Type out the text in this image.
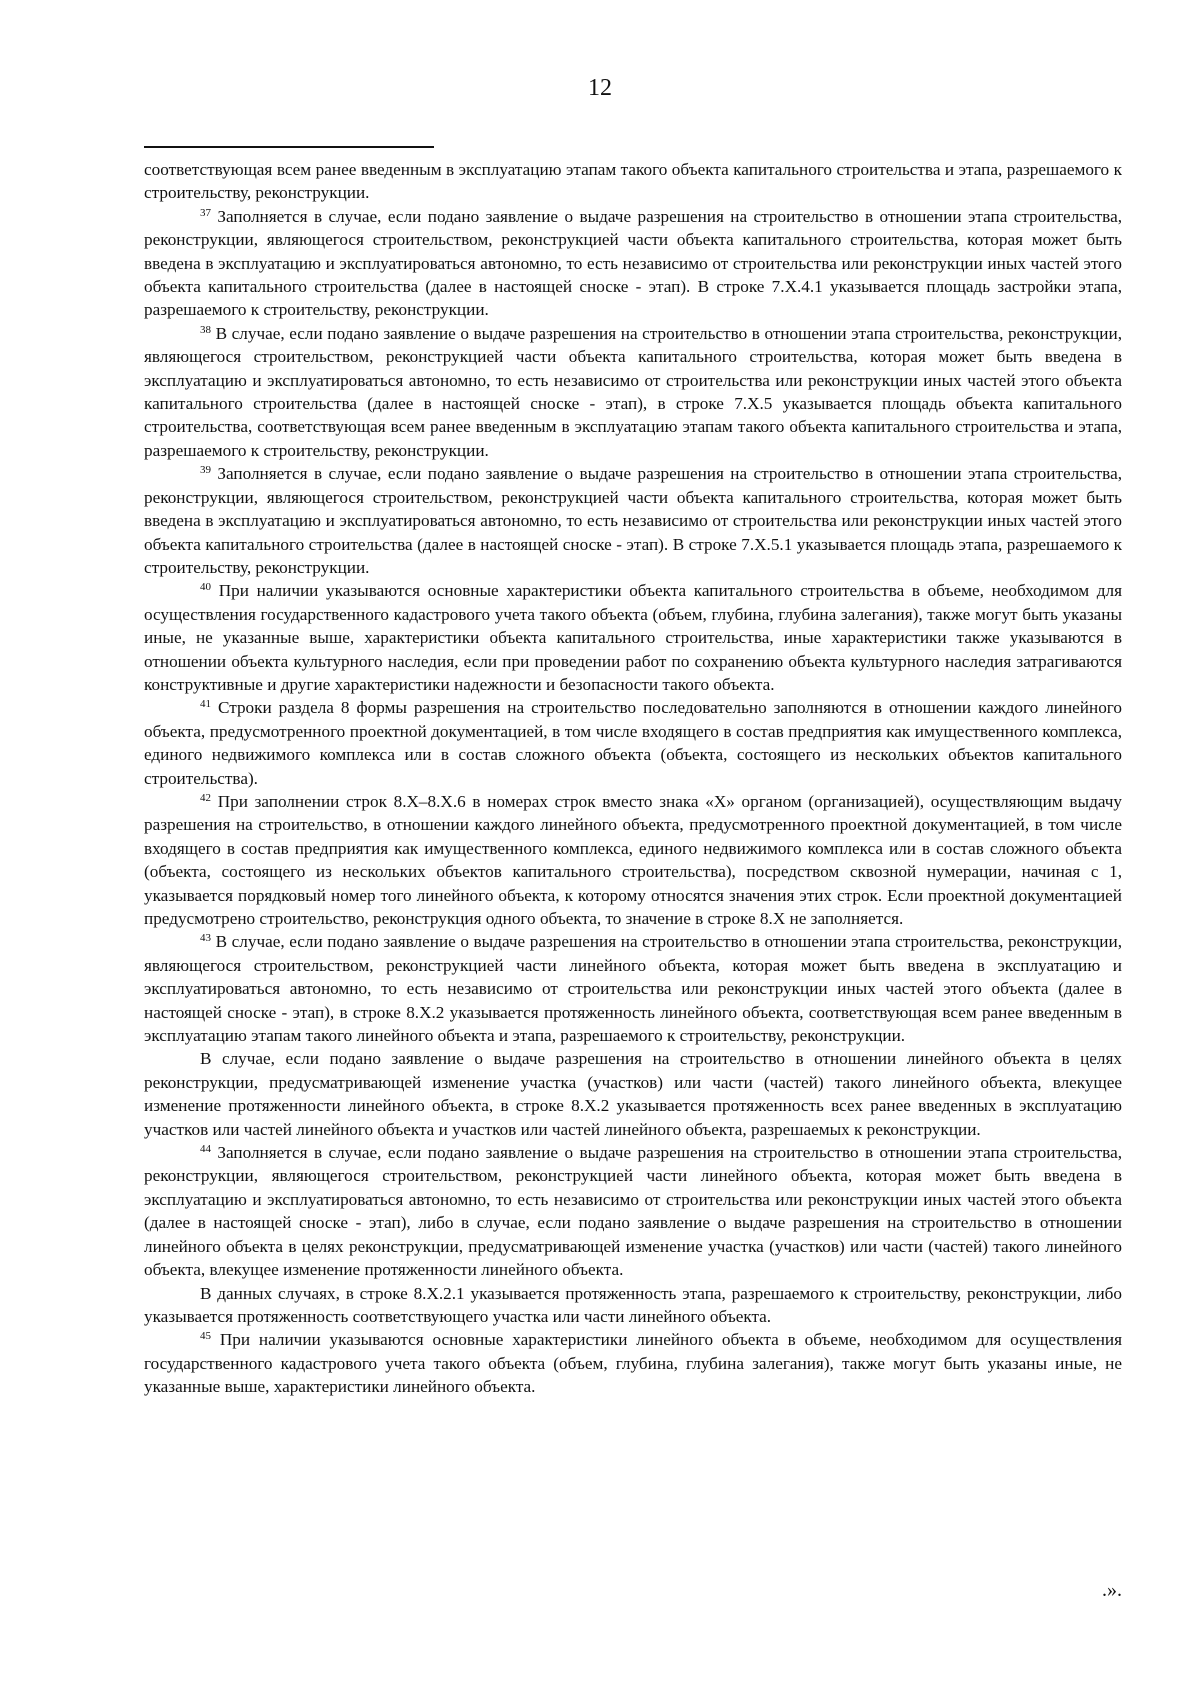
12

соответствующая всем ранее введенным в эксплуатацию этапам такого объекта капитального строительства и этапа, разрешаемого к строительству, реконструкции.

$^{37}$ Заполняется в случае, если подано заявление о выдаче разрешения на строительство в отношении этапа строительства, реконструкции, являющегося строительством, реконструкцией части объекта капитального строительства, которая может быть введена в эксплуатацию и эксплуатироваться автономно, то есть независимо от строительства или реконструкции иных частей этого объекта капитального строительства (далее в настоящей сноске - этап). В строке 7.X.4.1 указывается площадь застройки этапа, разрешаемого к строительству, реконструкции.

$^{38}$ В случае, если подано заявление о выдаче разрешения на строительство в отношении этапа строительства, реконструкции, являющегося строительством, реконструкцией части объекта капитального строительства, которая может быть введена в эксплуатацию и эксплуатироваться автономно, то есть независимо от строительства или реконструкции иных частей этого объекта капитального строительства (далее в настоящей сноске - этап), в строке 7.X.5 указывается площадь объекта капитального строительства, соответствующая всем ранее введенным в эксплуатацию этапам такого объекта капитального строительства и этапа, разрешаемого к строительству, реконструкции.

$^{39}$ Заполняется в случае, если подано заявление о выдаче разрешения на строительство в отношении этапа строительства, реконструкции, являющегося строительством, реконструкцией части объекта капитального строительства, которая может быть введена в эксплуатацию и эксплуатироваться автономно, то есть независимо от строительства или реконструкции иных частей этого объекта капитального строительства (далее в настоящей сноске - этап). В строке 7.X.5.1 указывается площадь этапа, разрешаемого к строительству, реконструкции.

$^{40}$ При наличии указываются основные характеристики объекта капитального строительства в объеме, необходимом для осуществления государственного кадастрового учета такого объекта (объем, глубина, глубина залегания), также могут быть указаны иные, не указанные выше, характеристики объекта капитального строительства, иные характеристики также указываются в отношении объекта культурного наследия, если при проведении работ по сохранению объекта культурного наследия затрагиваются конструктивные и другие характеристики надежности и безопасности такого объекта.

$^{41}$ Строки раздела 8 формы разрешения на строительство последовательно заполняются в отношении каждого линейного объекта, предусмотренного проектной документацией, в том числе входящего в состав предприятия как имущественного комплекса, единого недвижимого комплекса или в состав сложного объекта (объекта, состоящего из нескольких объектов капитального строительства).

$^{42}$ При заполнении строк 8.X–8.X.6 в номерах строк вместо знака «X» органом (организацией), осуществляющим выдачу разрешения на строительство, в отношении каждого линейного объекта, предусмотренного проектной документацией, в том числе входящего в состав предприятия как имущественного комплекса, единого недвижимого комплекса или в состав сложного объекта (объекта, состоящего из нескольких объектов капитального строительства), посредством сквозной нумерации, начиная с 1, указывается порядковый номер того линейного объекта, к которому относятся значения этих строк. Если проектной документацией предусмотрено строительство, реконструкция одного объекта, то значение в строке 8.X не заполняется.

$^{43}$ В случае, если подано заявление о выдаче разрешения на строительство в отношении этапа строительства, реконструкции, являющегося строительством, реконструкцией части линейного объекта, которая может быть введена в эксплуатацию и эксплуатироваться автономно, то есть независимо от строительства или реконструкции иных частей этого объекта (далее в настоящей сноске - этап), в строке 8.X.2 указывается протяженность линейного объекта, соответствующая всем ранее введенным в эксплуатацию этапам такого линейного объекта и этапа, разрешаемого к строительству, реконструкции.

В случае, если подано заявление о выдаче разрешения на строительство в отношении линейного объекта в целях реконструкции, предусматривающей изменение участка (участков) или части (частей) такого линейного объекта, влекущее изменение протяженности линейного объекта, в строке 8.X.2 указывается протяженность всех ранее введенных в эксплуатацию участков или частей линейного объекта и участков или частей линейного объекта, разрешаемых к реконструкции.

$^{44}$ Заполняется в случае, если подано заявление о выдаче разрешения на строительство в отношении этапа строительства, реконструкции, являющегося строительством, реконструкцией части линейного объекта, которая может быть введена в эксплуатацию и эксплуатироваться автономно, то есть независимо от строительства или реконструкции иных частей этого объекта (далее в настоящей сноске - этап), либо в случае, если подано заявление о выдаче разрешения на строительство в отношении линейного объекта в целях реконструкции, предусматривающей изменение участка (участков) или части (частей) такого линейного объекта, влекущее изменение протяженности линейного объекта.

В данных случаях, в строке 8.X.2.1 указывается протяженность этапа, разрешаемого к строительству, реконструкции, либо указывается протяженность соответствующего участка или части линейного объекта.

$^{45}$ При наличии указываются основные характеристики линейного объекта в объеме, необходимом для осуществления государственного кадастрового учета такого объекта (объем, глубина, глубина залегания), также могут быть указаны иные, не указанные выше, характеристики линейного объекта.

.».
